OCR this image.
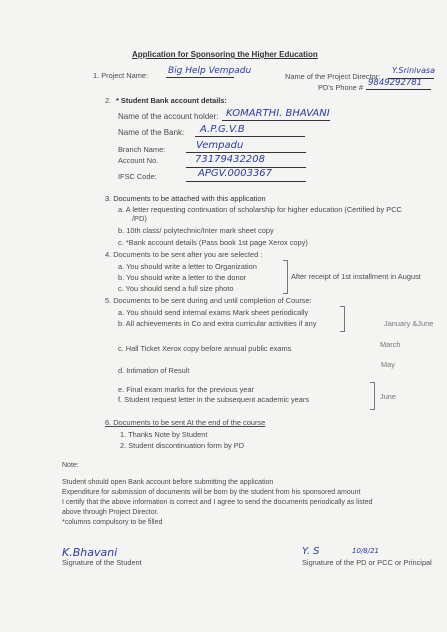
Application for Sponsoring the Higher Education
1. Project Name: Big Help Vempadu
Name of the Project Director:
Y.Srinivasa
PD's Phone # 9849292781
2. * Student Bank account details:
Name of the account holder: KOMARTHI. BHAVANI
Name of the Bank: A.P.G.V.B
Branch Name:	Vempadu
Account No.	73179432208
IFSC Code:	APGV.0003367
3. Documents to be attached with this application
a. A letter requesting continuation of scholarship for higher education (Certified by PCC
/PD)
b. 10th class/ polytechnic/Inter mark sheet copy
c. *Bank account details (Pass book 1st page Xerox copy)
4. Documents to be sent after you are selected :
a. You should write a letter to Organization
b. You should write a letter to the donor
c. You should send a full size photo
After receipt of 1st installment in August
5. Documents to be sent during and until completion of Course:
a. You should send internal exams Mark sheet periodically
b. All achievements in Co and extra curricular activities if any	January &June
c. Hall Ticket Xerox copy before annual public exams	March
d. Intimation of Result
May
e. Final exam marks for the previous year
f. Student request letter in the subsequent academic years	June
6. Documents to be sent At the end of the course
1. Thanks Note by Student
2. Student discontinuation form by PD
Note:
Student should open Bank account before submitting the application
Expenditure for submission of documents will be born by the student from his sponsored amount
I certify that the above information is correct and I agree to send the documents periodically as listed
above through Project Director.
*columns compulsory to be filled
K.Bhavani
Signature of the Student
Y. S	10/8/21
Signature of the PD or PCC or Principal
